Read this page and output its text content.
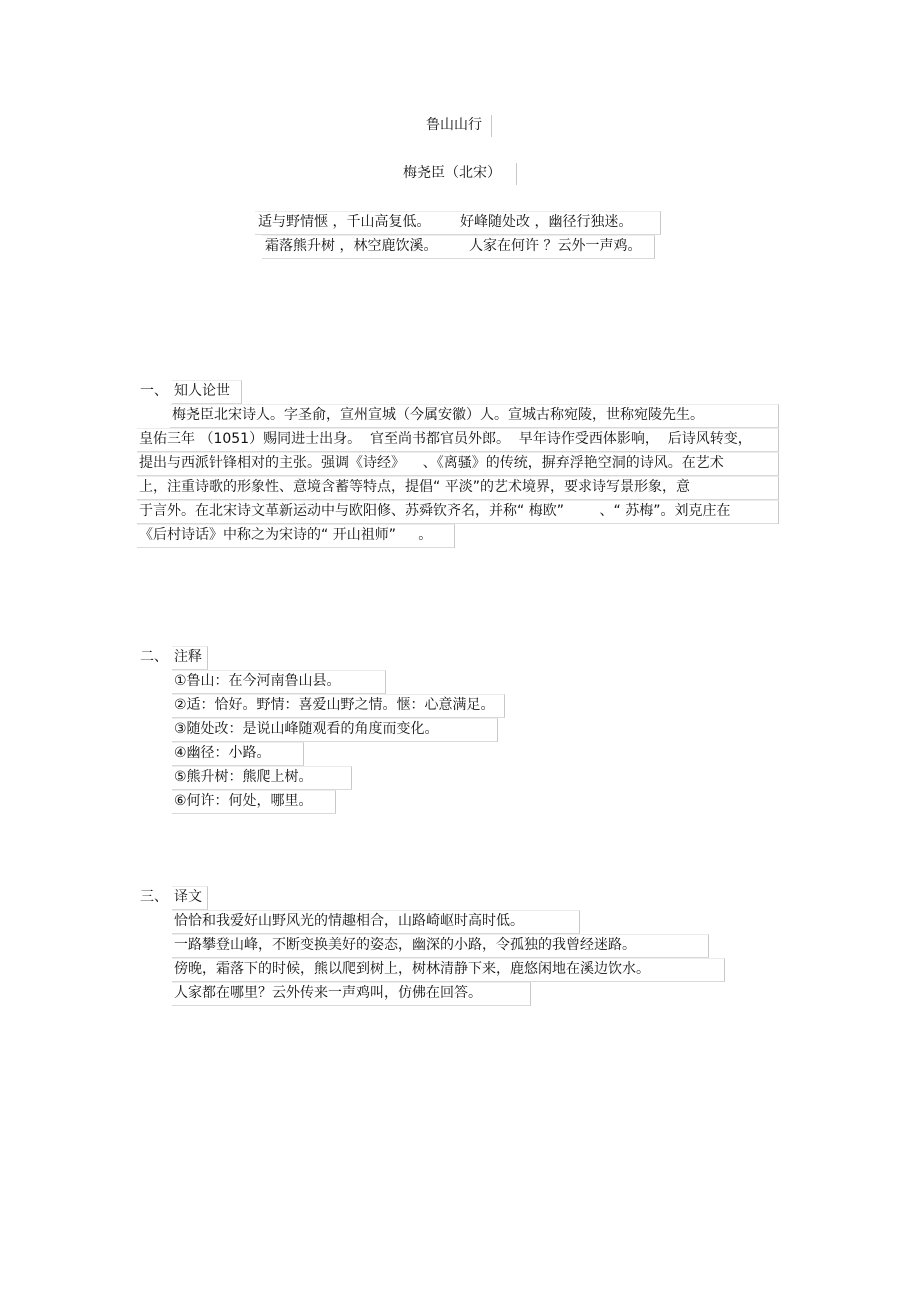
鲁山山行
梅尧臣（北宋）
适与野情惬 ，千山高复低。 好峰随处改 ，幽径行独迷。
霜落熊升树 ，林空鹿饮溪。 人家在何许 ？云外一声鸡。
一、 知人论世
梅尧臣北宋诗人。字圣俞，宣州宣城（今属安徽）人。宣城古称宛陵，世称宛陵先生。
皇佑三年 （1051）赐同进士出身。  官至尚书都官员外郎。  早年诗作受西体影响，  后诗风转变，
提出与西派针锋相对的主张。强调《诗经》    、《离骚》的传统，摒弃浮艳空洞的诗风。在艺术
上，注重诗歌的形象性、意境含蓄等特点，提倡“ 平淡”的艺术境界，要求诗写景形象，意
于言外。在北宋诗文革新运动中与欧阳修、苏舜钦齐名，并称“ 梅欧”        、“ 苏梅”。刘克庄在
《后村诗话》中称之为宋诗的“ 开山祖师”     。
二、 注释
①鲁山：在今河南鲁山县。
②适：恰好。野情：喜爱山野之情。惬：心意满足。
③随处改：是说山峰随观看的角度而变化。
④幽径：小路。
⑤熊升树：熊爬上树。
⑥何许：何处，哪里。
三、 译文
恰恰和我爱好山野风光的情趣相合，山路崎岖时高时低。
一路攀登山峰，不断变换美好的姿态，幽深的小路，令孤独的我曾经迷路。
傍晚，霜落下的时候，熊以爬到树上，树林清静下来，鹿悠闲地在溪边饮水。
人家都在哪里？云外传来一声鸡叫，仿佛在回答。
